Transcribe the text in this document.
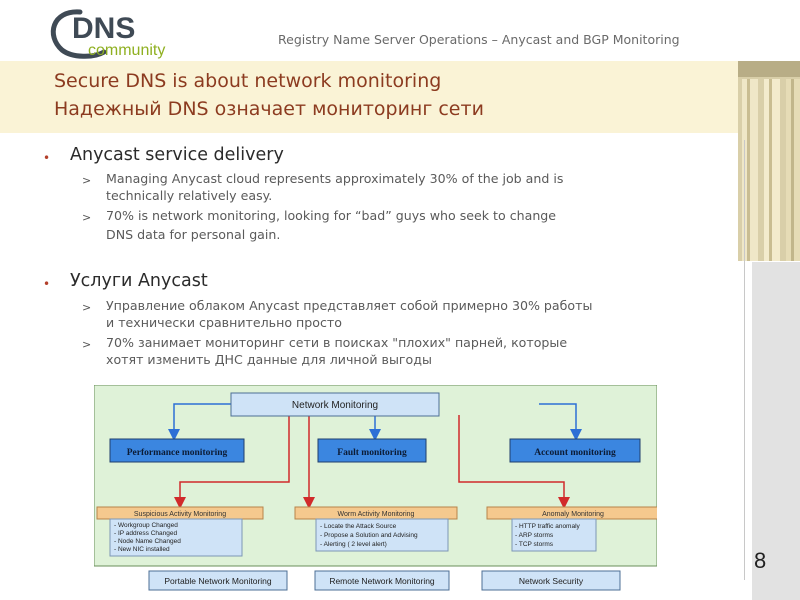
DNS
community
Registry Name Server Operations – Anycast and BGP Monitoring
Secure DNS is about network monitoring
Надежный DNS означает мониторинг сети
• Anycast service delivery
> Managing Anycast cloud represents approximately 30% of the job and is
technically relatively easy.
> 70% is network monitoring, looking for “bad” guys who seek to change
DNS data for personal gain.
• Услуги Anycast
> Управление облаком Anycast представляет собой примерно 30% работы
и технически сравнительно просто
> 70% занимает мониторинг сети в поисках "плохих" парней, которые
хотят изменить ДНС данные для личной выгоды
Network Monitoring
Performance monitoring	Fault monitoring	Account monitoring
Suspicious Activity Monitoring
- Workgroup Changed
- IP address Changed
- Node Name Changed
- New NIC installed
Worm Activity Monitoring
- Locate the Attack Source
- Propose a Solution and Advising
- Alerting ( 2 level alert)
Anomaly Monitoring
- HTTP traffic anomaly
- ARP storms
- TCP storms
Portable Network Monitoring	Remote Network Monitoring	Network Security
8
